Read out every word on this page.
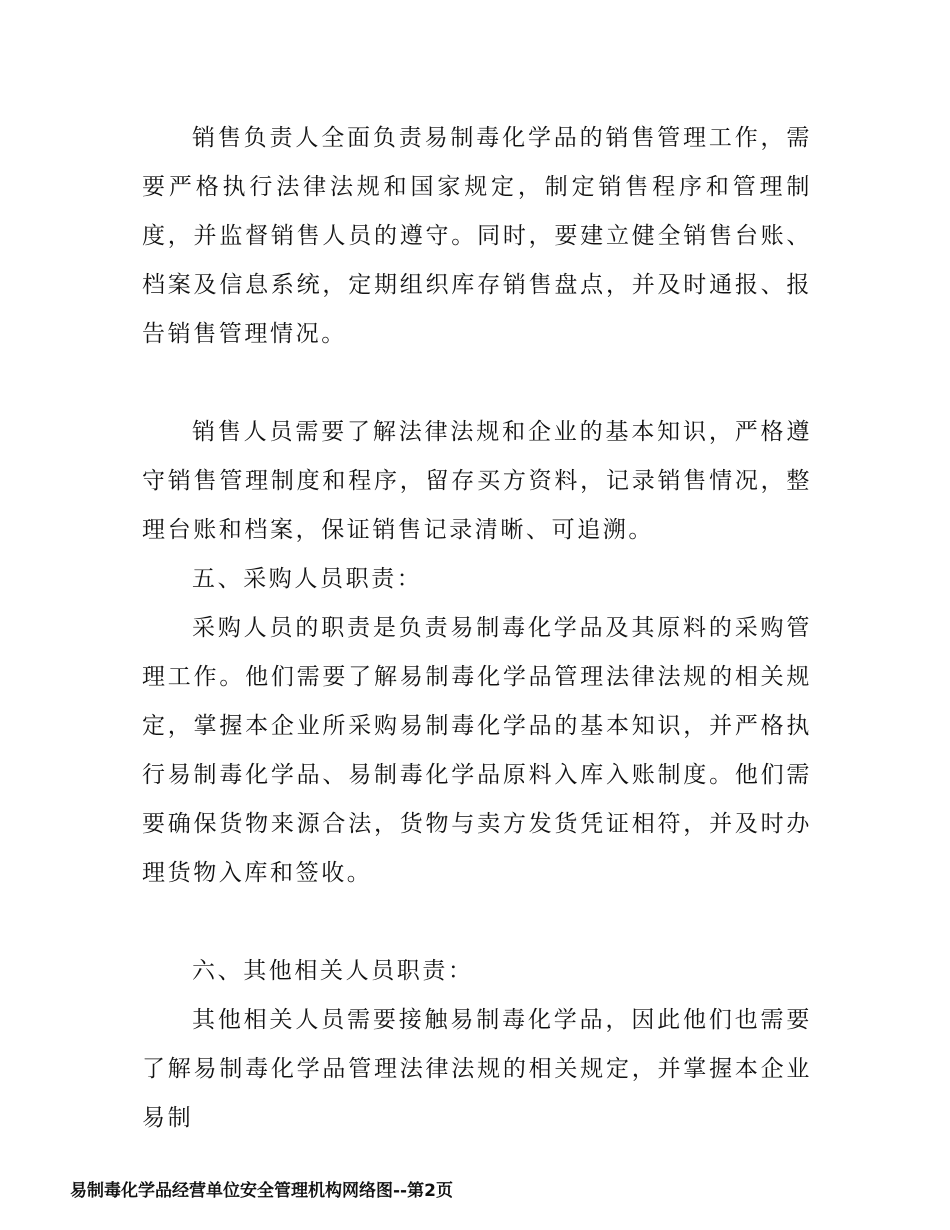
销售负责人全面负责易制毒化学品的销售管理工作，需要严格执行法律法规和国家规定，制定销售程序和管理制度，并监督销售人员的遵守。同时，要建立健全销售台账、档案及信息系统，定期组织库存销售盘点，并及时通报、报告销售管理情况。

销售人员需要了解法律法规和企业的基本知识，严格遵守销售管理制度和程序，留存买方资料，记录销售情况，整理台账和档案，保证销售记录清晰、可追溯。

五、采购人员职责：

采购人员的职责是负责易制毒化学品及其原料的采购管理工作。他们需要了解易制毒化学品管理法律法规的相关规定，掌握本企业所采购易制毒化学品的基本知识，并严格执行易制毒化学品、易制毒化学品原料入库入账制度。他们需要确保货物来源合法，货物与卖方发货凭证相符，并及时办理货物入库和签收。

六、其他相关人员职责：

其他相关人员需要接触易制毒化学品，因此他们也需要了解易制毒化学品管理法律法规的相关规定，并掌握本企业易制

易制毒化学品经营单位安全管理机构网络图--第2页
